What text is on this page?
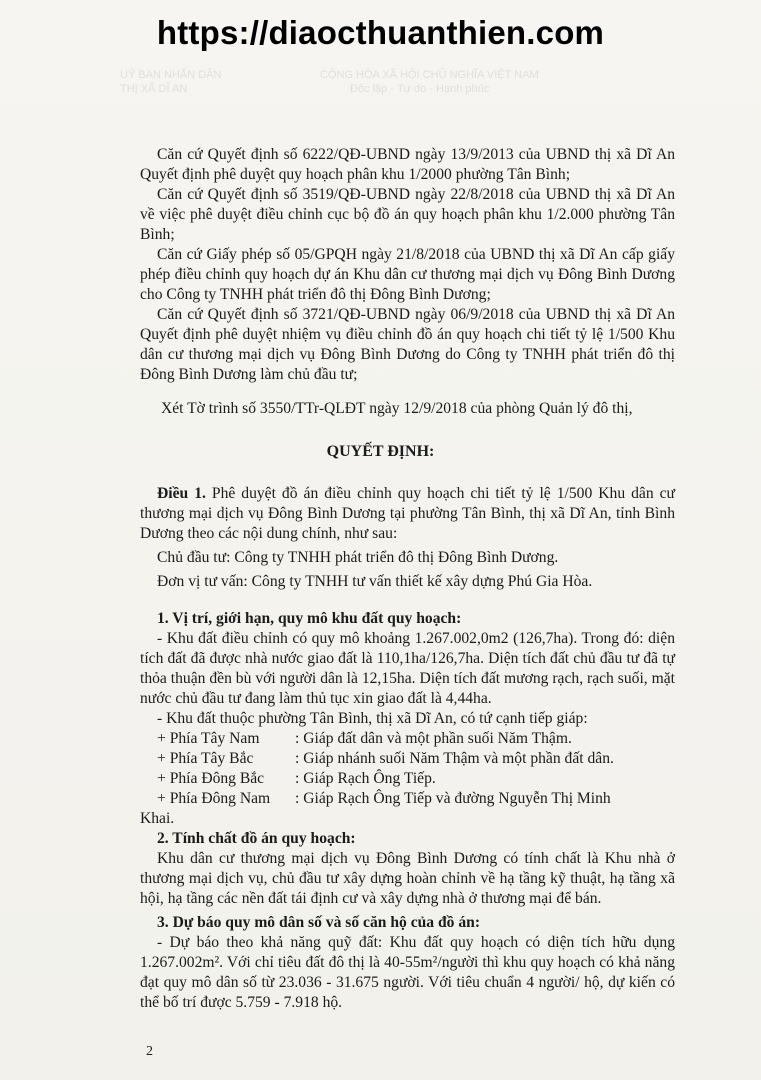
UỶ BAN NHÂN DÂN	CỘNG HÒA XÃ HỘI CHỦ NGHĨA VIỆT NAM
THỊ XÃ DĨ AN	Độc lập - Tự do - Hạnh phúc
https://diaocthuanthien.com

Căn cứ Quyết định số 6222/QĐ-UBND ngày 13/9/2013 của UBND thị xã Dĩ An Quyết định phê duyệt quy hoạch phân khu 1/2000 phường Tân Bình;

Căn cứ Quyết định số 3519/QĐ-UBND ngày 22/8/2018 của UBND thị xã Dĩ An về việc phê duyệt điều chỉnh cục bộ đồ án quy hoạch phân khu 1/2.000 phường Tân Bình;

Căn cứ Giấy phép số 05/GPQH ngày 21/8/2018 của UBND thị xã Dĩ An cấp giấy phép điều chỉnh quy hoạch dự án Khu dân cư thương mại dịch vụ Đông Bình Dương cho Công ty TNHH phát triển đô thị Đông Bình Dương;

Căn cứ Quyết định số 3721/QĐ-UBND ngày 06/9/2018 của UBND thị xã Dĩ An Quyết định phê duyệt nhiệm vụ điều chỉnh đồ án quy hoạch chi tiết tỷ lệ 1/500 Khu dân cư thương mại dịch vụ Đông Bình Dương do Công ty TNHH phát triển đô thị Đông Bình Dương làm chủ đầu tư;

Xét Tờ trình số 3550/TTr-QLĐT ngày 12/9/2018 của phòng Quản lý đô thị,

QUYẾT ĐỊNH:

Điều 1. Phê duyệt đồ án điều chỉnh quy hoạch chi tiết tỷ lệ 1/500 Khu dân cư thương mại dịch vụ Đông Bình Dương tại phường Tân Bình, thị xã Dĩ An, tỉnh Bình Dương theo các nội dung chính, như sau:

Chủ đầu tư: Công ty TNHH phát triển đô thị Đông Bình Dương.

Đơn vị tư vấn: Công ty TNHH tư vấn thiết kế xây dựng Phú Gia Hòa.

1. Vị trí, giới hạn, quy mô khu đất quy hoạch:

- Khu đất điều chỉnh có quy mô khoảng 1.267.002,0m2 (126,7ha). Trong đó: diện tích đất đã được nhà nước giao đất là 110,1ha/126,7ha. Diện tích đất chủ đầu tư đã tự thỏa thuận đền bù với người dân là 12,15ha. Diện tích đất mương rạch, rạch suối, mặt nước chủ đầu tư đang làm thủ tục xin giao đất là 4,44ha.

- Khu đất thuộc phường Tân Bình, thị xã Dĩ An, có tứ cạnh tiếp giáp:

+ Phía Tây Nam	: Giáp đất dân và một phần suối Năm Thậm.
+ Phía Tây Bắc	: Giáp nhánh suối Năm Thậm và một phần đất dân.
+ Phía Đông Bắc	: Giáp Rạch Ông Tiếp.
+ Phía Đông Nam	: Giáp Rạch Ông Tiếp và đường Nguyễn Thị Minh

Khai.

2. Tính chất đồ án quy hoạch:

Khu dân cư thương mại dịch vụ Đông Bình Dương có tính chất là Khu nhà ở thương mại dịch vụ, chủ đầu tư xây dựng hoàn chỉnh về hạ tầng kỹ thuật, hạ tầng xã hội, hạ tầng các nền đất tái định cư và xây dựng nhà ở thương mại để bán.

3. Dự báo quy mô dân số và số căn hộ của đồ án:

- Dự báo theo khả năng quỹ đất: Khu đất quy hoạch có diện tích hữu dụng 1.267.002m². Với chỉ tiêu đất đô thị là 40-55m²/người thì khu quy hoạch có khả năng đạt quy mô dân số từ 23.036 - 31.675 người. Với tiêu chuẩn 4 người/ hộ, dự kiến có thể bố trí được 5.759 - 7.918 hộ.

2
